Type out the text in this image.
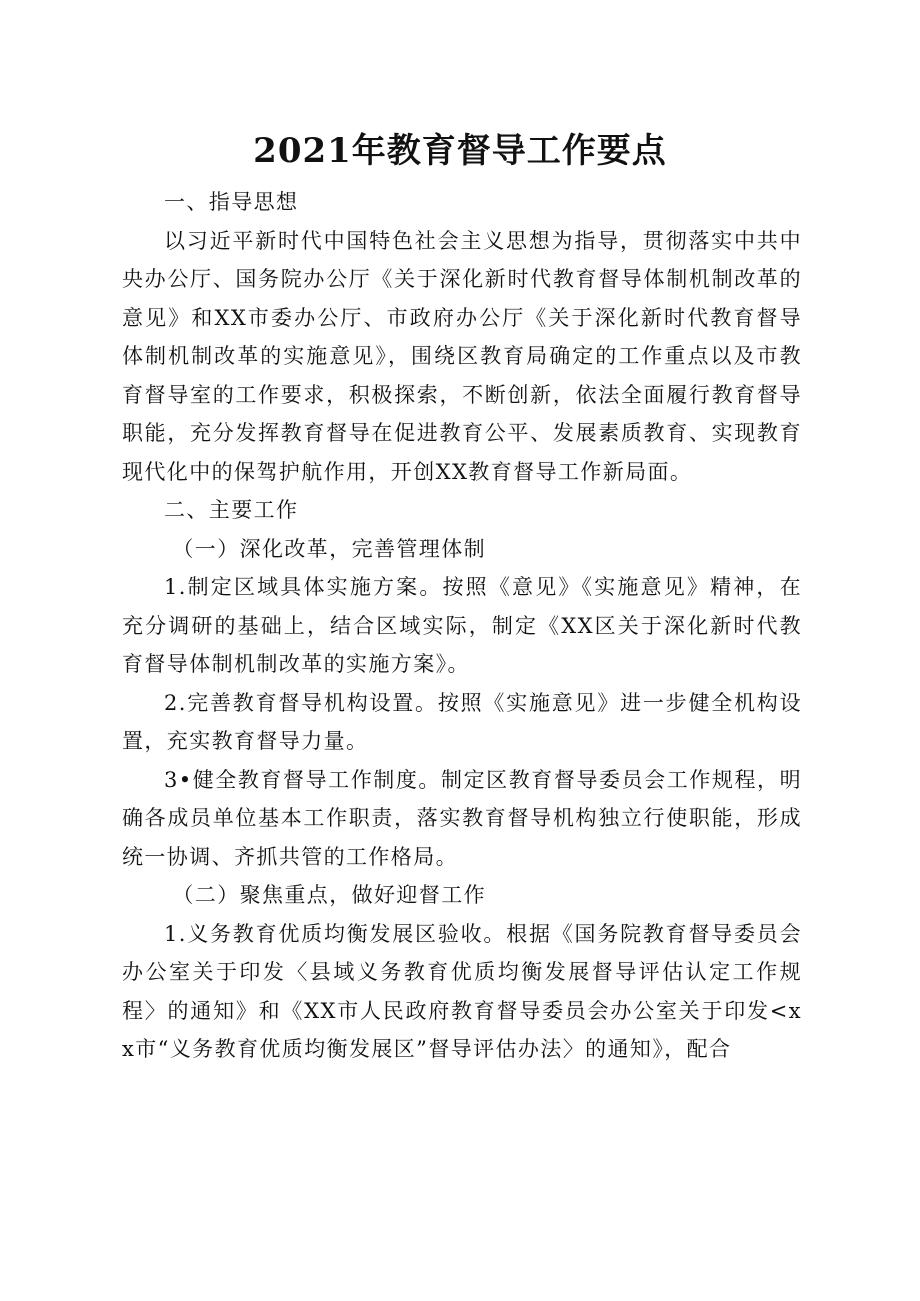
2021年教育督导工作要点

一、指导思想

以习近平新时代中国特色社会主义思想为指导，贯彻落实中共中央办公厅、国务院办公厅《关于深化新时代教育督导体制机制改革的意见》和XX市委办公厅、市政府办公厅《关于深化新时代教育督导体制机制改革的实施意见》，围绕区教育局确定的工作重点以及市教育督导室的工作要求，积极探索，不断创新，依法全面履行教育督导职能，充分发挥教育督导在促进教育公平、发展素质教育、实现教育现代化中的保驾护航作用，开创XX教育督导工作新局面。

二、主要工作

（一）深化改革，完善管理体制

1.制定区域具体实施方案。按照《意见》《实施意见》精神，在充分调研的基础上，结合区域实际，制定《XX区关于深化新时代教育督导体制机制改革的实施方案》。

2.完善教育督导机构设置。按照《实施意见》进一步健全机构设置，充实教育督导力量。

3•健全教育督导工作制度。制定区教育督导委员会工作规程，明确各成员单位基本工作职责，落实教育督导机构独立行使职能，形成统一协调、齐抓共管的工作格局。

（二）聚焦重点，做好迎督工作

1.义务教育优质均衡发展区验收。根据《国务院教育督导委员会办公室关于印发〈县域义务教育优质均衡发展督导评估认定工作规程〉的通知》和《XX市人民政府教育督导委员会办公室关于印发<xx市“义务教育优质均衡发展区”督导评估办法〉的通知》，配合
